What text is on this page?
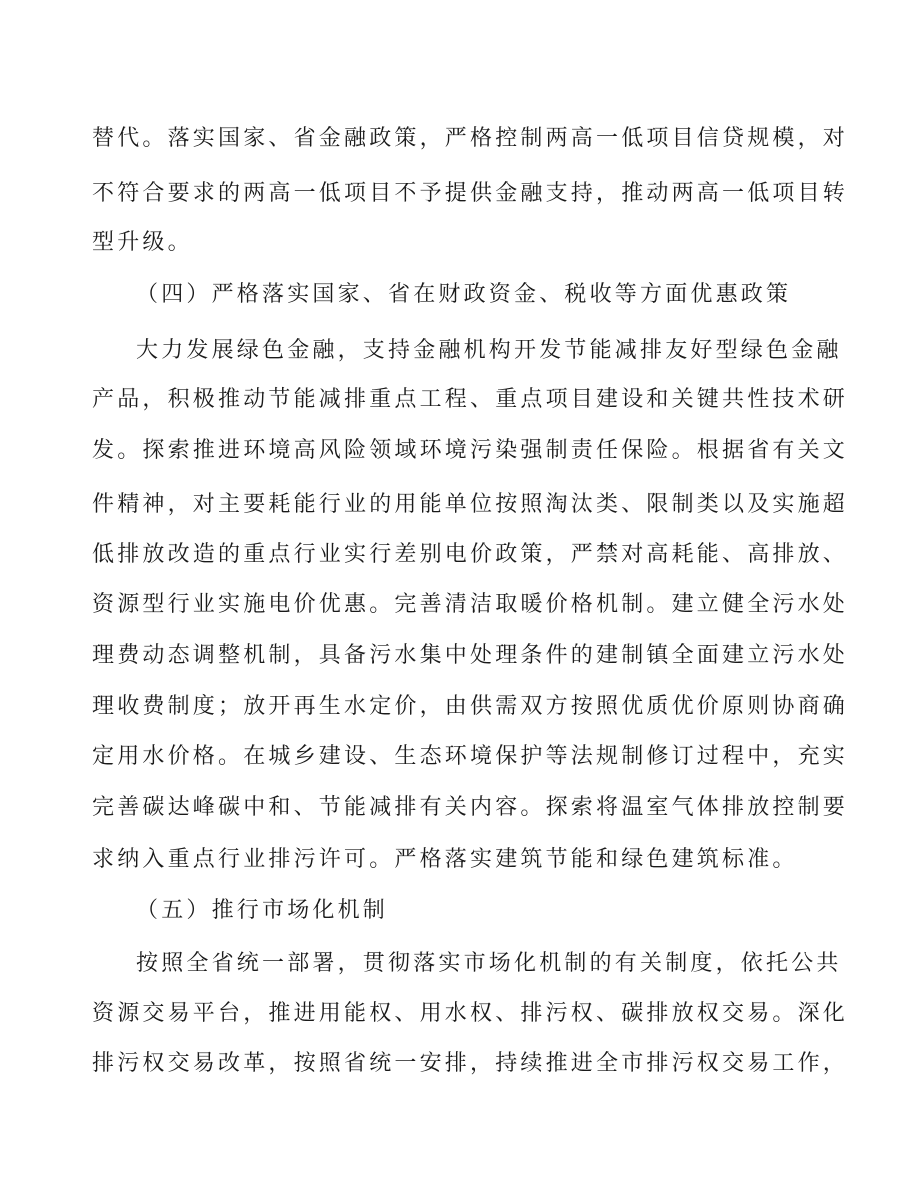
替代。落实国家、省金融政策，严格控制两高一低项目信贷规模，对

不符合要求的两高一低项目不予提供金融支持，推动两高一低项目转

型升级。

（四）严格落实国家、省在财政资金、税收等方面优惠政策

大力发展绿色金融，支持金融机构开发节能减排友好型绿色金融

产品，积极推动节能减排重点工程、重点项目建设和关键共性技术研

发。探索推进环境高风险领域环境污染强制责任保险。根据省有关文

件精神，对主要耗能行业的用能单位按照淘汰类、限制类以及实施超

低排放改造的重点行业实行差别电价政策，严禁对高耗能、高排放、

资源型行业实施电价优惠。完善清洁取暖价格机制。建立健全污水处

理费动态调整机制，具备污水集中处理条件的建制镇全面建立污水处

理收费制度；放开再生水定价，由供需双方按照优质优价原则协商确

定用水价格。在城乡建设、生态环境保护等法规制修订过程中，充实

完善碳达峰碳中和、节能减排有关内容。探索将温室气体排放控制要

求纳入重点行业排污许可。严格落实建筑节能和绿色建筑标准。

（五）推行市场化机制

按照全省统一部署，贯彻落实市场化机制的有关制度，依托公共

资源交易平台，推进用能权、用水权、排污权、碳排放权交易。深化

排污权交易改革，按照省统一安排，持续推进全市排污权交易工作，
